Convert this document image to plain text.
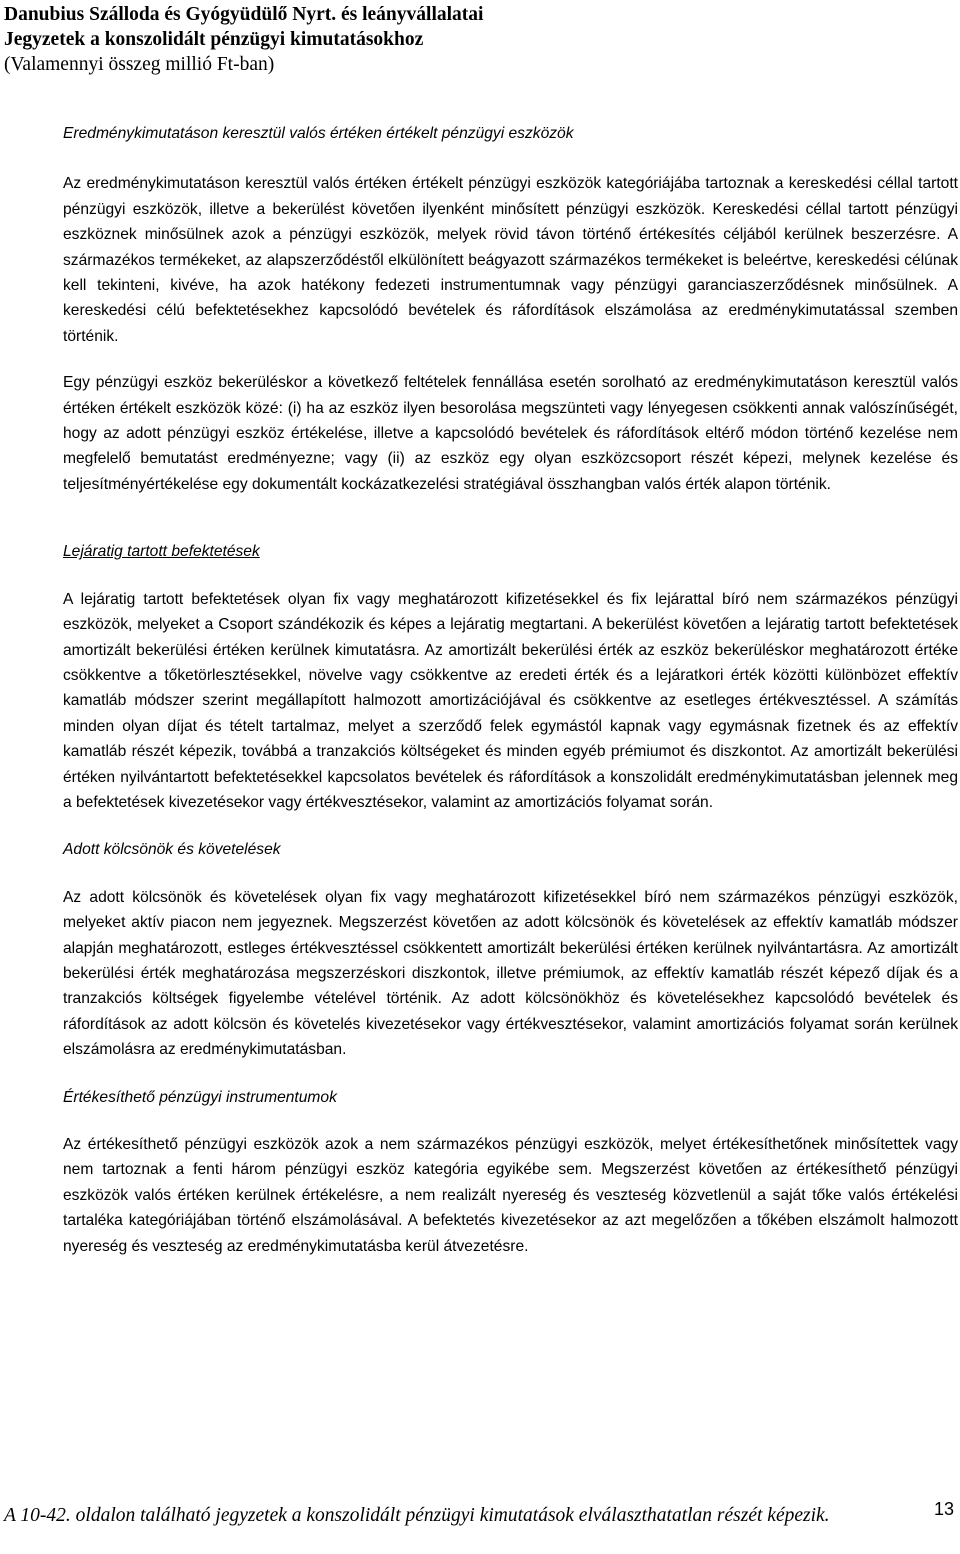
Danubius Szálloda és Gyógyüdülő Nyrt. és leányvállalatai
Jegyzetek a konszolidált pénzügyi kimutatásokhoz
(Valamennyi összeg millió Ft-ban)

Eredménykimutatáson keresztül valós értéken értékelt pénzügyi eszközök

Az eredménykimutatáson keresztül valós értéken értékelt pénzügyi eszközök kategóriájába tartoznak a kereskedési céllal tartott pénzügyi eszközök, illetve a bekerülést követően ilyenként minősített pénzügyi eszközök. Kereskedési céllal tartott pénzügyi eszköznek minősülnek azok a pénzügyi eszközök, melyek rövid távon történő értékesítés céljából kerülnek beszerzésre. A származékos termékeket, az alapszerződéstől elkülönített beágyazott származékos termékeket is beleértve, kereskedési célúnak kell tekinteni, kivéve, ha azok hatékony fedezeti instrumentumnak vagy pénzügyi garanciaszerződésnek minősülnek. A kereskedési célú befektetésekhez kapcsolódó bevételek és ráfordítások elszámolása az eredménykimutatással szemben történik.

Egy pénzügyi eszköz bekerüléskor a következő feltételek fennállása esetén sorolható az eredménykimutatáson keresztül valós értéken értékelt eszközök közé: (i) ha az eszköz ilyen besorolása megszünteti vagy lényegesen csökkenti annak valószínűségét, hogy az adott pénzügyi eszköz értékelése, illetve a kapcsolódó bevételek és ráfordítások eltérő módon történő kezelése nem megfelelő bemutatást eredményezne; vagy (ii) az eszköz egy olyan eszközcsoport részét képezi, melynek kezelése és teljesítményértékelése egy dokumentált kockázatkezelési stratégiával összhangban valós érték alapon történik.

Lejáratig tartott befektetések

A lejáratig tartott befektetések olyan fix vagy meghatározott kifizetésekkel és fix lejárattal bíró nem származékos pénzügyi eszközök, melyeket a Csoport szándékozik és képes a lejáratig megtartani. A bekerülést követően a lejáratig tartott befektetések amortizált bekerülési értéken kerülnek kimutatásra. Az amortizált bekerülési érték az eszköz bekerüléskor meghatározott értéke csökkentve a tőketörlesztésekkel, növelve vagy csökkentve az eredeti érték és a lejáratkori érték közötti különbözet effektív kamatláb módszer szerint megállapított halmozott amortizációjával és csökkentve az esetleges értékvesztéssel. A számítás minden olyan díjat és tételt tartalmaz, melyet a szerződő felek egymástól kapnak vagy egymásnak fizetnek és az effektív kamatláb részét képezik, továbbá a tranzakciós költségeket és minden egyéb prémiumot és diszkontot. Az amortizált bekerülési értéken nyilvántartott befektetésekkel kapcsolatos bevételek és ráfordítások a konszolidált eredménykimutatásban jelennek meg a befektetések kivezetésekor vagy értékvesztésekor, valamint az amortizációs folyamat során.

Adott kölcsönök és követelések

Az adott kölcsönök és követelések olyan fix vagy meghatározott kifizetésekkel bíró nem származékos pénzügyi eszközök, melyeket aktív piacon nem jegyeznek. Megszerzést követően az adott kölcsönök és követelések az effektív kamatláb módszer alapján meghatározott, estleges értékvesztéssel csökkentett amortizált bekerülési értéken kerülnek nyilvántartásra. Az amortizált bekerülési érték meghatározása megszerzéskori diszkontok, illetve prémiumok, az effektív kamatláb részét képező díjak és a tranzakciós költségek figyelembe vételével történik. Az adott kölcsönökhöz és követelésekhez kapcsolódó bevételek és ráfordítások az adott kölcsön és követelés kivezetésekor vagy értékvesztésekor, valamint amortizációs folyamat során kerülnek elszámolásra az eredménykimutatásban.

Értékesíthető pénzügyi instrumentumok

Az értékesíthető pénzügyi eszközök azok a nem származékos pénzügyi eszközök, melyet értékesíthetőnek minősítettek vagy nem tartoznak a fenti három pénzügyi eszköz kategória egyikébe sem. Megszerzést követően az értékesíthető pénzügyi eszközök valós értéken kerülnek értékelésre, a nem realizált nyereség és veszteség közvetlenül a saját tőke valós értékelési tartaléka kategóriájában történő elszámolásával. A befektetés kivezetésekor az azt megelőzően a tőkében elszámolt halmozott nyereség és veszteség az eredménykimutatásba kerül átvezetésre.

A 10-42. oldalon található jegyzetek a konszolidált pénzügyi kimutatások elválaszthatatlan részét képezik.	13
